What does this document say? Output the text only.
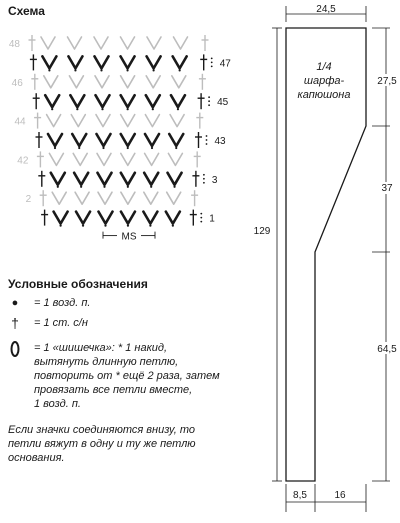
Схема
48
47
46
45
44
43
42
3
2
1
MS
Условные обозначения
●	= 1 возд. п.
† = 1 ст. с/н
= 1 «шишечка»: * 1 накид,
вытянуть длинную петлю,
повторить от * ещё 2 раза, затем
провязать все петли вместе,
1 возд. п.
Если значки соединяются внизу, то петли вяжут в одну и ту же петлю основания.
24,5
27,5
37
64,5
129
8,5	16
1/4
шарфа-
капюшона
